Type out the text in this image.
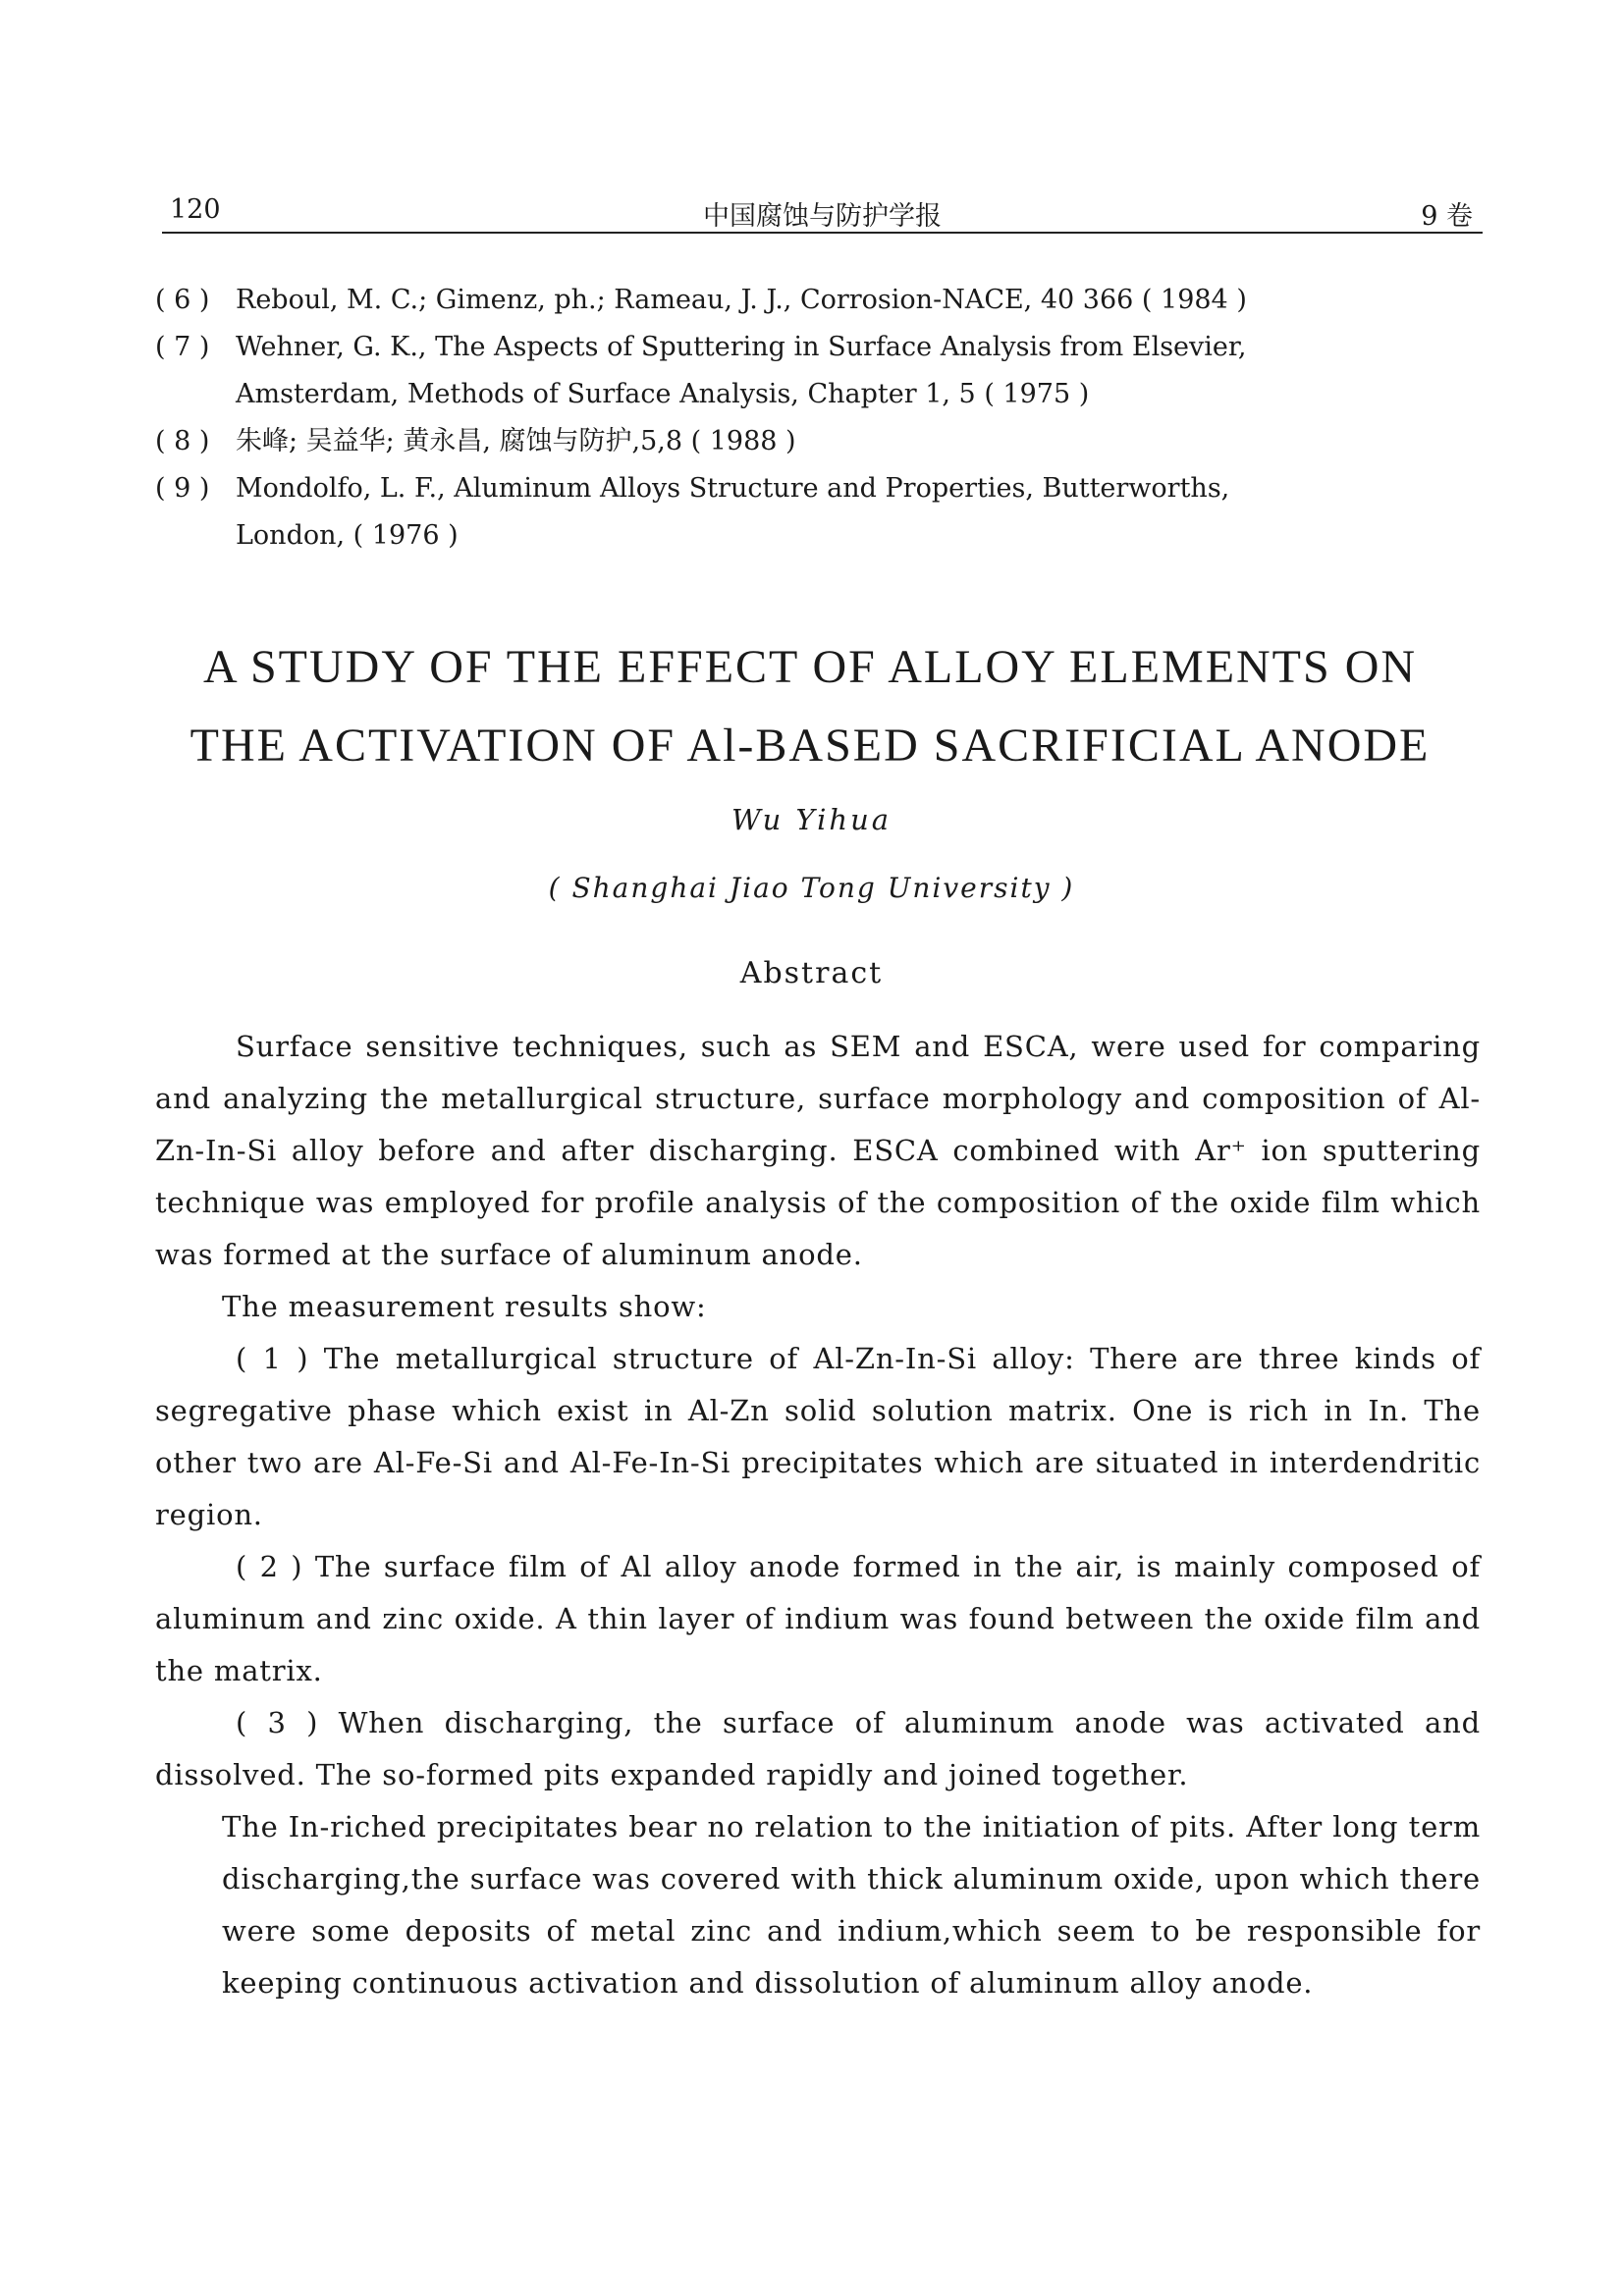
120	中国腐蚀与防护学报	9 卷
( 6 ) Reboul, M. C.; Gimenz, ph.; Rameau, J. J., Corrosion-NACE, 40 366 ( 1984 )
( 7 ) Wehner, G. K., The Aspects of Sputtering in Surface Analysis from Elsevier,
Amsterdam, Methods of Surface Analysis, Chapter 1, 5 ( 1975 )
( 8 ) 朱峰; 吴益华; 黄永昌, 腐蚀与防护,5,8 ( 1988 )
( 9 ) Mondolfo, L. F., Aluminum Alloys Structure and Properties, Butterworths,
London, ( 1976 )
A STUDY OF THE EFFECT OF ALLOY ELEMENTS ON
THE ACTIVATION OF Al-BASED SACRIFICIAL ANODE
Wu Yihua
( Shanghai Jiao Tong University )
Abstract

Surface sensitive techniques, such as SEM and ESCA, were used for comparing and analyzing the metallurgical structure, surface morphology and composition of Al-Zn-In-Si alloy before and after discharging. ESCA combined with Ar⁺ ion sputtering technique was employed for profile analysis of the composition of the oxide film which was formed at the surface of aluminum anode.

The measurement results show:

( 1 ) The metallurgical structure of Al-Zn-In-Si alloy: There are three kinds of segregative phase which exist in Al-Zn solid solution matrix. One is rich in In. The other two are Al-Fe-Si and Al-Fe-In-Si precipitates which are situated in interdendritic region.

( 2 ) The surface film of Al alloy anode formed in the air, is mainly composed of aluminum and zinc oxide. A thin layer of indium was found between the oxide film and the matrix.

( 3 ) When discharging, the surface of aluminum anode was activated and dissolved. The so-formed pits expanded rapidly and joined together.

The In-riched precipitates bear no relation to the initiation of pits. After long term discharging,the surface was covered with thick aluminum oxide, upon which there were some deposits of metal zinc and indium,which seem to be responsible for keeping continuous activation and dissolution of aluminum alloy anode.
